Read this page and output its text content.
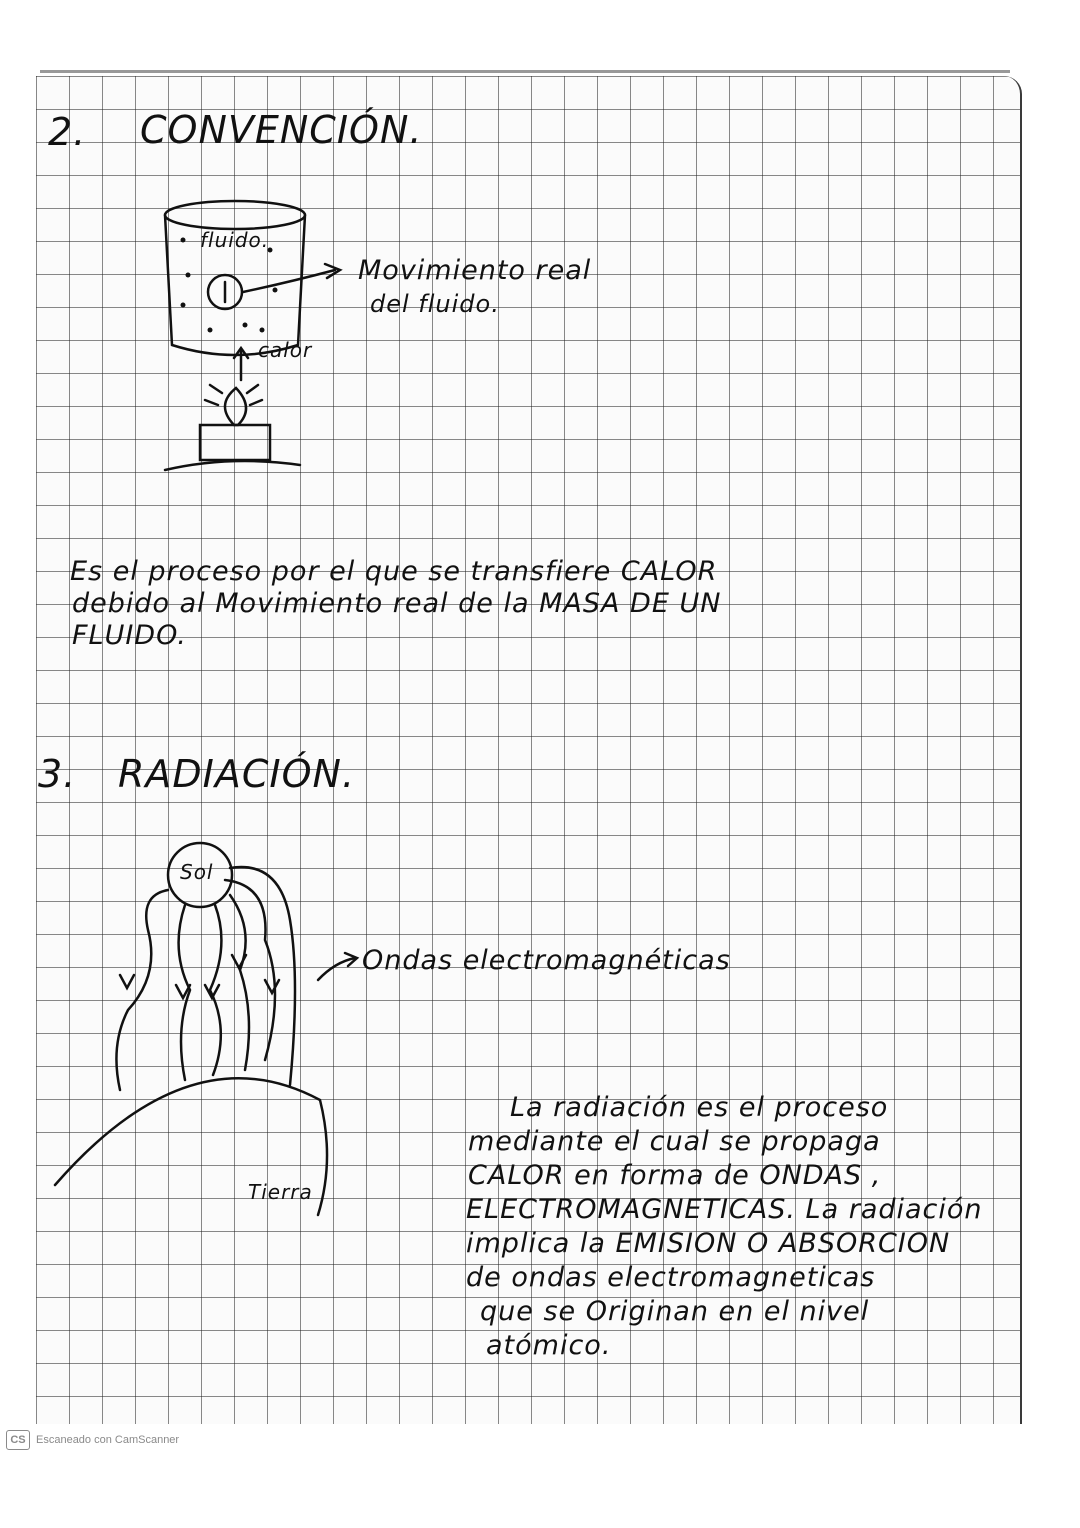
2. CONVENCIÓN.
fluido.
Movimiento real
del fluido.
calor
Es el proceso por el que se transfiere CALOR
debido al Movimiento real de la MASA DE UN
FLUIDO.
3. RADIACIÓN.
Sol
Ondas electromagnéticas
Tierra
La radiación es el proceso
mediante el cual se propaga
CALOR en forma de ONDAS ,
ELECTROMAGNETICAS. La radiación
implica la EMISION O ABSORCION
de ondas electromagneticas
que se Originan en el nivel
atómico.
CS Escaneado con CamScanner
